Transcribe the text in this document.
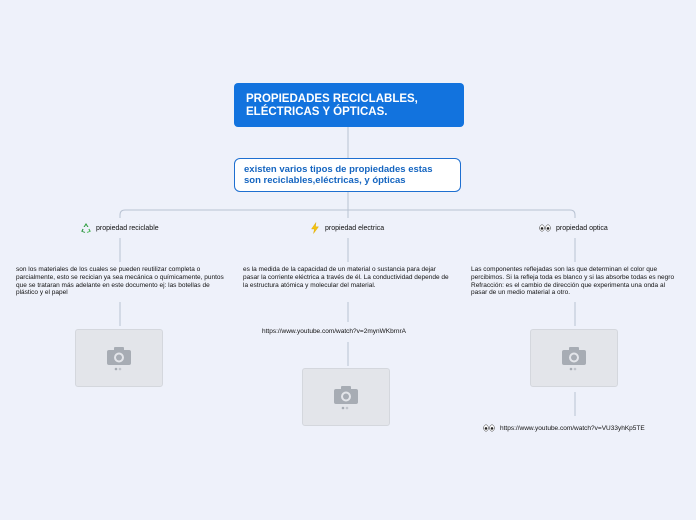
PROPIEDADES RECICLABLES, ELÉCTRICAS Y ÓPTICAS.
existen varios tipos de propiedades estas son reciclables,eléctricas, y ópticas
propiedad reciclable
son los materiales de los cuales se pueden reutilizar completa o parcialmente, esto se recician ya sea mecánica o químicamente, puntos que se trataran más adelante en este documento ej: las botellas de plástico y el papel
propiedad electrica
es la medida de la capacidad de un material o sustancia para dejar pasar la corriente eléctrica a través de él. La conductividad depende de la estructura atómica y molecular del material.
https://www.youtube.com/watch?v=2mynWKbrnrA
propiedad optica
Las componentes reflejadas son las que determinan el color que percibimos. Si la refleja toda es blanco y si las absorbe todas es negro Refracción: es el cambio de dirección que experimenta una onda al pasar de un medio material a otro.
https://www.youtube.com/watch?v=VU33yhKp5TE
